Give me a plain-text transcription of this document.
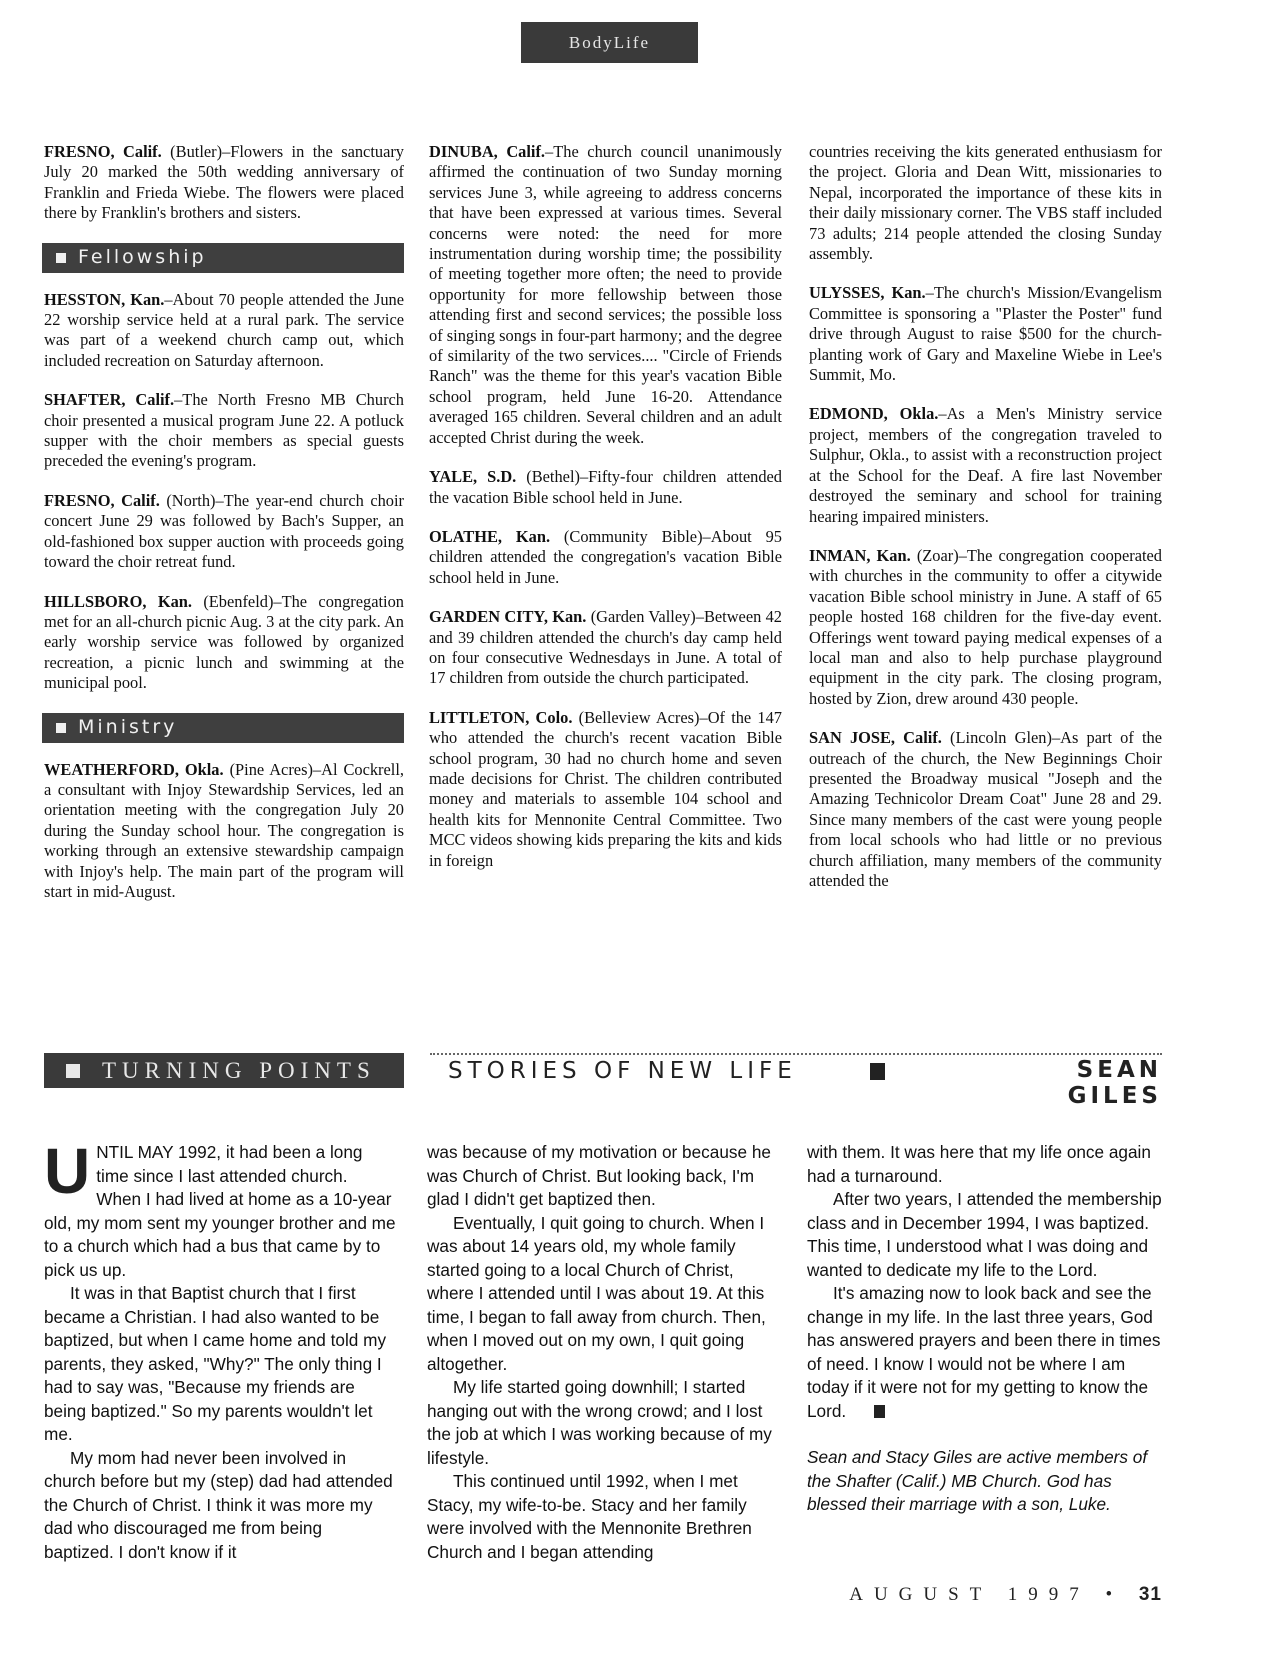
BodyLife
FRESNO, Calif. (Butler)–Flowers in the sanctuary July 20 marked the 50th wedding anniversary of Franklin and Frieda Wiebe. The flowers were placed there by Franklin's brothers and sisters.
Fellowship
HESSTON, Kan.–About 70 people attended the June 22 worship service held at a rural park. The service was part of a weekend church camp out, which included recreation on Saturday afternoon.
SHAFTER, Calif.–The North Fresno MB Church choir presented a musical program June 22. A potluck supper with the choir members as special guests preceded the evening's program.
FRESNO, Calif. (North)–The year-end church choir concert June 29 was followed by Bach's Supper, an old-fashioned box supper auction with proceeds going toward the choir retreat fund.
HILLSBORO, Kan. (Ebenfeld)–The congregation met for an all-church picnic Aug. 3 at the city park. An early worship service was followed by organized recreation, a picnic lunch and swimming at the municipal pool.
Ministry
WEATHERFORD, Okla. (Pine Acres)–Al Cockrell, a consultant with Injoy Stewardship Services, led an orientation meeting with the congregation July 20 during the Sunday school hour. The congregation is working through an extensive stewardship campaign with Injoy's help. The main part of the program will start in mid-August.
DINUBA, Calif.–The church council unanimously affirmed the continuation of two Sunday morning services June 3, while agreeing to address concerns that have been expressed at various times. Several concerns were noted: the need for more instrumentation during worship time; the possibility of meeting together more often; the need to provide opportunity for more fellowship between those attending first and second services; the possible loss of singing songs in four-part harmony; and the degree of similarity of the two services.... "Circle of Friends Ranch" was the theme for this year's vacation Bible school program, held June 16-20. Attendance averaged 165 children. Several children and an adult accepted Christ during the week.
YALE, S.D. (Bethel)–Fifty-four children attended the vacation Bible school held in June.
OLATHE, Kan. (Community Bible)–About 95 children attended the congregation's vacation Bible school held in June.
GARDEN CITY, Kan. (Garden Valley)–Between 42 and 39 children attended the church's day camp held on four consecutive Wednesdays in June. A total of 17 children from outside the church participated.
LITTLETON, Colo. (Belleview Acres)–Of the 147 who attended the church's recent vacation Bible school program, 30 had no church home and seven made decisions for Christ. The children contributed money and materials to assemble 104 school and health kits for Mennonite Central Committee. Two MCC videos showing kids preparing the kits and kids in foreign
countries receiving the kits generated enthusiasm for the project. Gloria and Dean Witt, missionaries to Nepal, incorporated the importance of these kits in their daily missionary corner. The VBS staff included 73 adults; 214 people attended the closing Sunday assembly.
ULYSSES, Kan.–The church's Mission/Evangelism Committee is sponsoring a "Plaster the Poster" fund drive through August to raise $500 for the church-planting work of Gary and Maxeline Wiebe in Lee's Summit, Mo.
EDMOND, Okla.–As a Men's Ministry service project, members of the congregation traveled to Sulphur, Okla., to assist with a reconstruction project at the School for the Deaf. A fire last November destroyed the seminary and school for training hearing impaired ministers.
INMAN, Kan. (Zoar)–The congregation cooperated with churches in the community to offer a citywide vacation Bible school ministry in June. A staff of 65 people hosted 168 children for the five-day event. Offerings went toward paying medical expenses of a local man and also to help purchase playground equipment in the city park. The closing program, hosted by Zion, drew around 430 people.
SAN JOSE, Calif. (Lincoln Glen)–As part of the outreach of the church, the New Beginnings Choir presented the Broadway musical "Joseph and the Amazing Technicolor Dream Coat" June 28 and 29. Since many members of the cast were young people from local schools who had little or no previous church affiliation, many members of the community attended the
TURNING POINTS	STORIES OF NEW LIFE	SEAN GILES
U NTIL MAY 1992, it had been a long time since I last attended church. When I had lived at home as a 10-year old, my mom sent my younger brother and me to a church which had a bus that came by to pick us up.

It was in that Baptist church that I first became a Christian. I had also wanted to be baptized, but when I came home and told my parents, they asked, "Why?" The only thing I had to say was, "Because my friends are being baptized." So my parents wouldn't let me.

My mom had never been involved in church before but my (step) dad had attended the Church of Christ. I think it was more my dad who discouraged me from being baptized. I don't know if it

was because of my motivation or because he was Church of Christ. But looking back, I'm glad I didn't get baptized then.

Eventually, I quit going to church. When I was about 14 years old, my whole family started going to a local Church of Christ, where I attended until I was about 19. At this time, I began to fall away from church. Then, when I moved out on my own, I quit going altogether.

My life started going downhill; I started hanging out with the wrong crowd; and I lost the job at which I was working because of my lifestyle.

This continued until 1992, when I met Stacy, my wife-to-be. Stacy and her family were involved with the Mennonite Brethren Church and I began attending

with them. It was here that my life once again had a turnaround.

After two years, I attended the membership class and in December 1994, I was baptized. This time, I understood what I was doing and wanted to dedicate my life to the Lord.

It's amazing now to look back and see the change in my life. In the last three years, God has answered prayers and been there in times of need. I know I would not be where I am today if it were not for my getting to know the Lord.

Sean and Stacy Giles are active members of the Shafter (Calif.) MB Church. God has blessed their marriage with a son, Luke.

AUGUST 1997 • 31
